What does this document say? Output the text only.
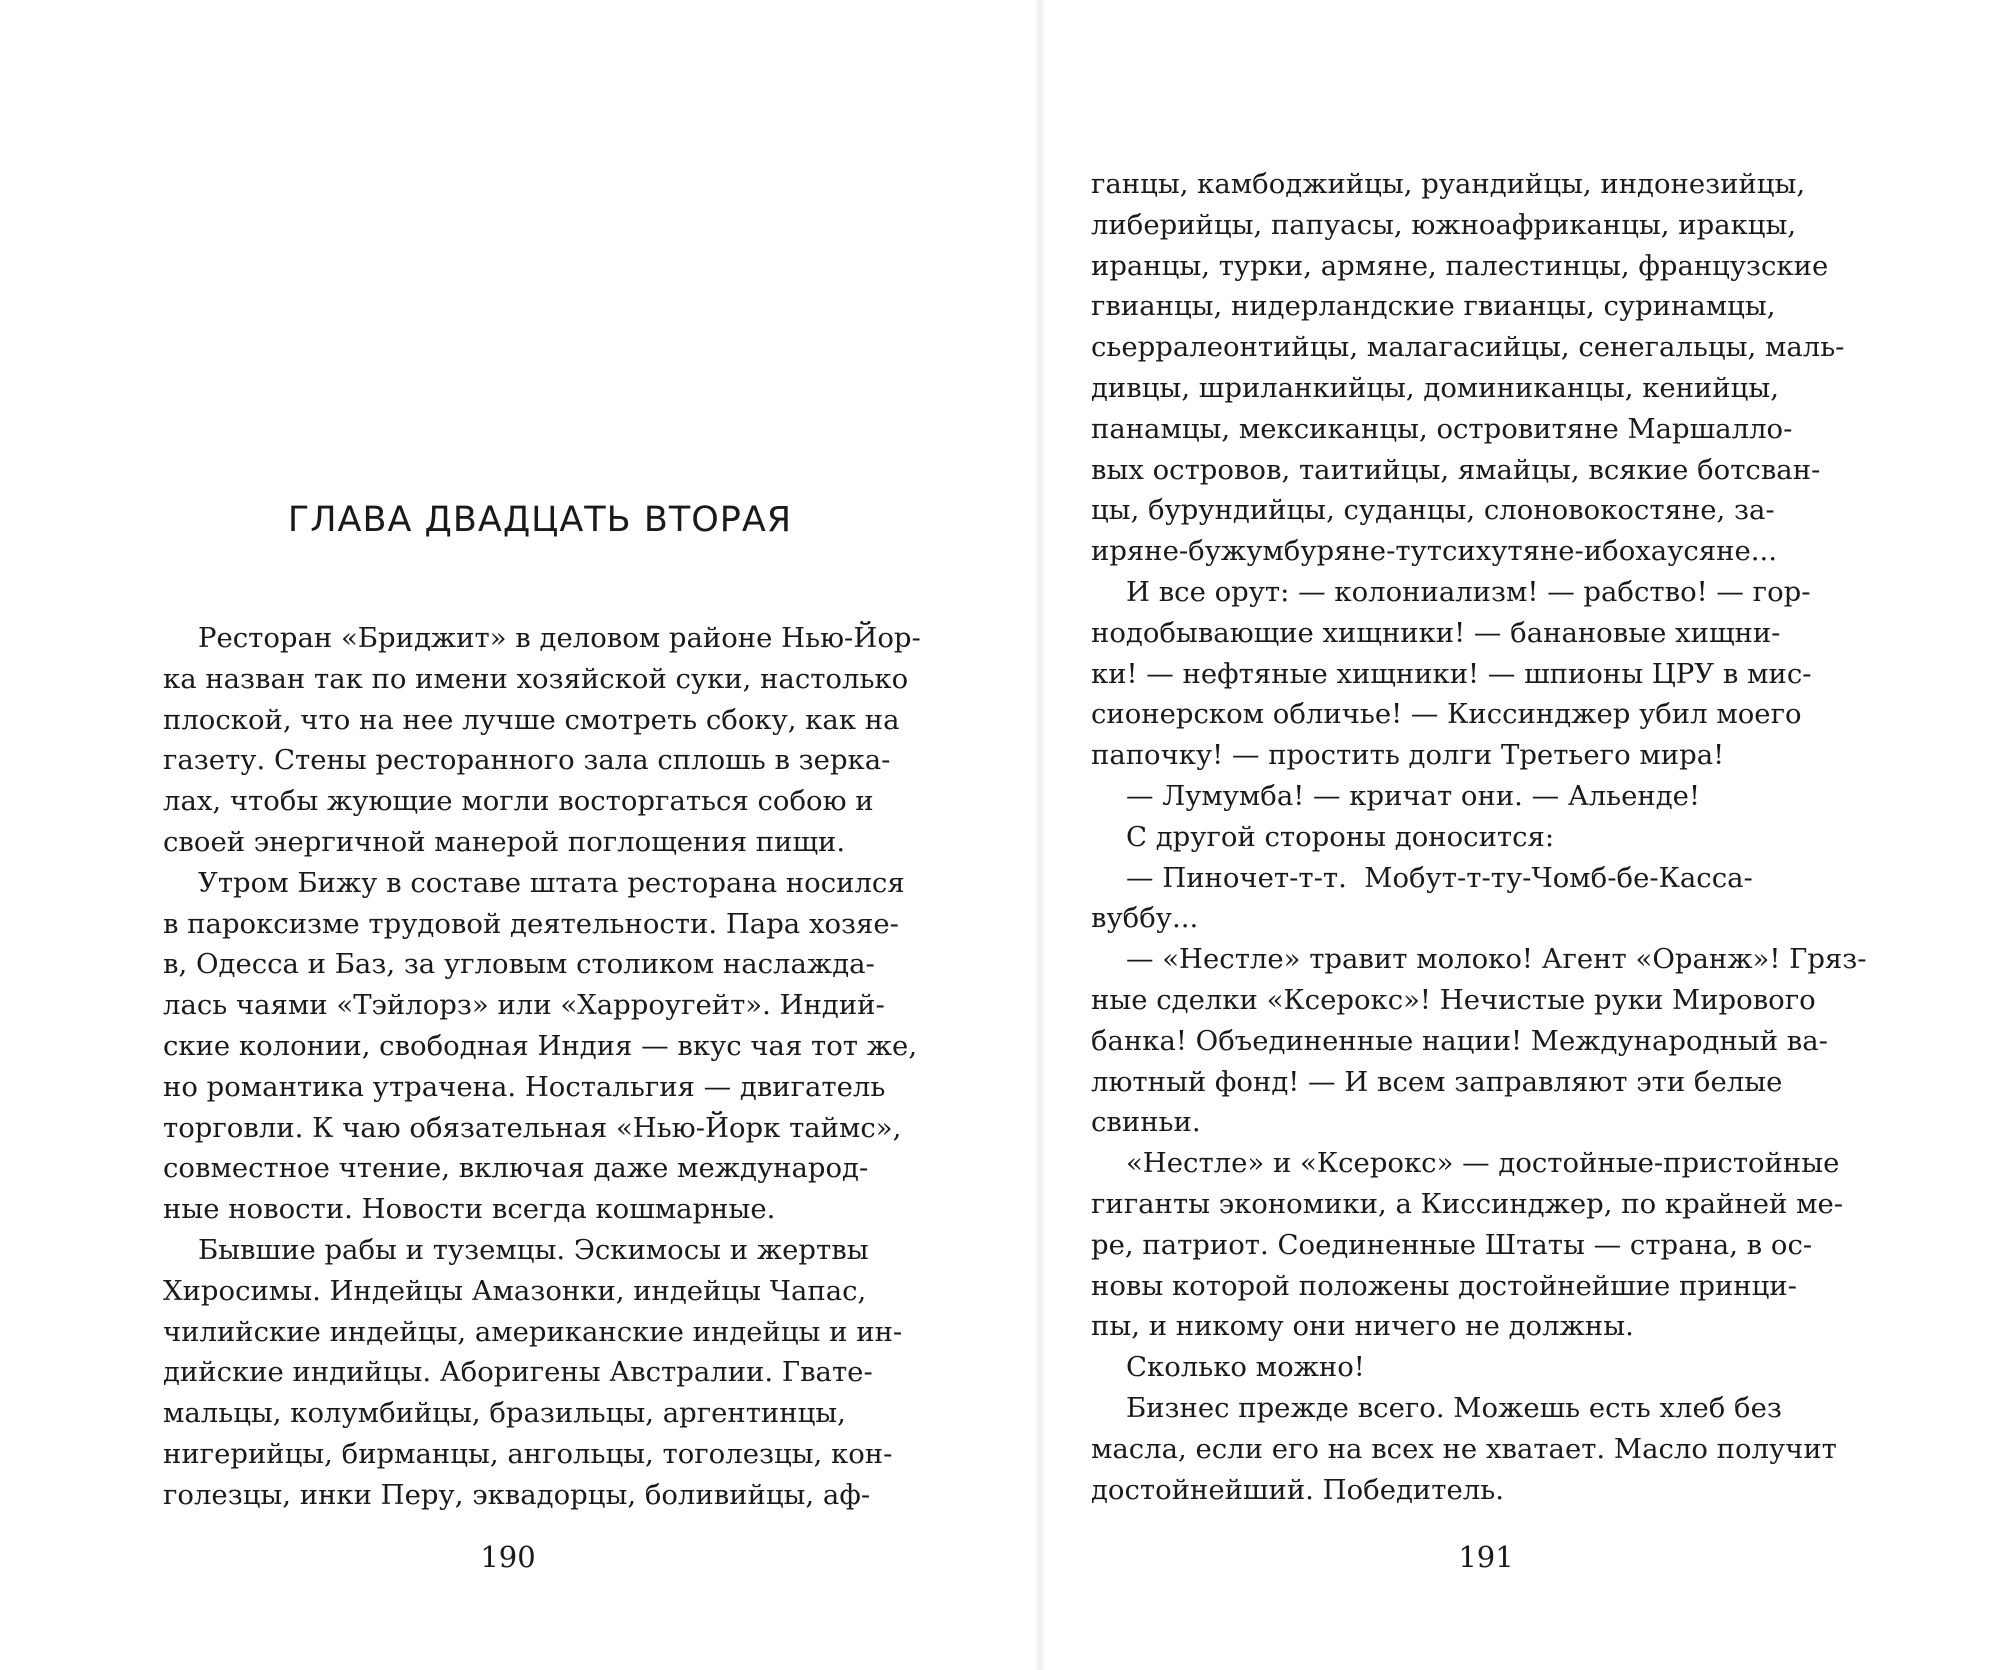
ГЛАВА ДВАДЦАТЬ ВТОРАЯ
Ресторан «Бриджит» в деловом районе Нью-Йор-
ка назван так по имени хозяйской суки, настолько
плоской, что на нее лучше смотреть сбоку, как на
газету. Стены ресторанного зала сплошь в зерка-
лах, чтобы жующие могли восторгаться собою и
своей энергичной манерой поглощения пищи.
Утром Бижу в составе штата ресторана носился
в пароксизме трудовой деятельности. Пара хозяе-
в, Одесса и Баз, за угловым столиком наслажда-
лась чаями «Тэйлорз» или «Харроугейт». Индий-
ские колонии, свободная Индия — вкус чая тот же,
но романтика утрачена. Ностальгия — двигатель
торговли. К чаю обязательная «Нью-Йорк таймс»,
совместное чтение, включая даже международ-
ные новости. Новости всегда кошмарные.
Бывшие рабы и туземцы. Эскимосы и жертвы
Хиросимы. Индейцы Амазонки, индейцы Чапас,
чилийские индейцы, американские индейцы и ин-
дийские индийцы. Аборигены Австралии. Гвате-
мальцы, колумбийцы, бразильцы, аргентинцы,
нигерийцы, бирманцы, ангольцы, тоголезцы, кон-
голезцы, инки Перу, эквадорцы, боливийцы, аф-
190
ганцы, камбоджийцы, руандийцы, индонезийцы,
либерийцы, папуасы, южноафриканцы, иракцы,
иранцы, турки, армяне, палестинцы, французские
гвианцы, нидерландские гвианцы, суринамцы,
сьерралеонтийцы, малагасийцы, сенегальцы, маль-
дивцы, шриланкийцы, доминиканцы, кенийцы,
панамцы, мексиканцы, островитяне Маршалло-
вых островов, таитийцы, ямайцы, всякие ботсван-
цы, бурундийцы, суданцы, слоновокостяне, за-
иряне-бужумбуряне-тутсихутяне-ибохаусяне...
И все орут: — колониализм! — рабство! — гор-
нодобывающие хищники! — банановые хищни-
ки! — нефтяные хищники! — шпионы ЦРУ в мис-
сионерском обличье! — Киссинджер убил моего
папочку! — простить долги Третьего мира!
— Лумумба! — кричат они. — Альенде!
С другой стороны доносится:
— Пиночет-т-т.  Мобут-т-ту-Чомб-бе-Касса-
вуббу...
— «Нестле» травит молоко! Агент «Оранж»! Гряз-
ные сделки «Ксерокс»! Нечистые руки Мирового
банка! Объединенные нации! Международный ва-
лютный фонд! — И всем заправляют эти белые
свиньи.
«Нестле» и «Ксерокс» — достойные-пристойные
гиганты экономики, а Киссинджер, по крайней ме-
ре, патриот. Соединенные Штаты — страна, в ос-
новы которой положены достойнейшие принци-
пы, и никому они ничего не должны.
Сколько можно!
Бизнес прежде всего. Можешь есть хлеб без
масла, если его на всех не хватает. Масло получит
достойнейший. Победитель.
191
